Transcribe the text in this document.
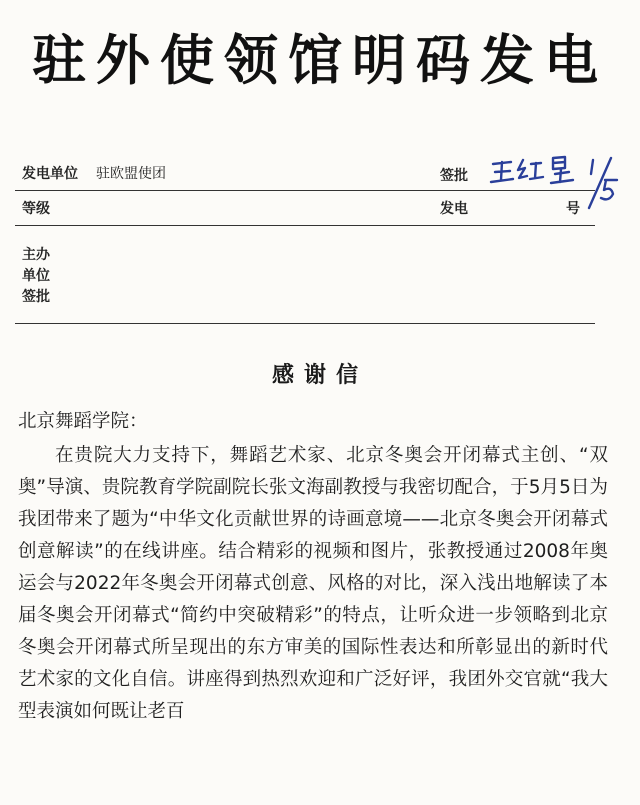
驻外使领馆明码发电
发电单位 驻欧盟使团	签批
等级	发电	号
主办
单位
签批
感谢信

北京舞蹈学院：

在贵院大力支持下，舞蹈艺术家、北京冬奥会开闭幕式主创、“双奥”导演、贵院教育学院副院长张文海副教授与我密切配合，于5月5日为我团带来了题为“中华文化贡献世界的诗画意境——北京冬奥会开闭幕式创意解读”的在线讲座。结合精彩的视频和图片，张教授通过2008年奥运会与2022年冬奥会开闭幕式创意、风格的对比，深入浅出地解读了本届冬奥会开闭幕式“简约中突破精彩”的特点，让听众进一步领略到北京冬奥会开闭幕式所呈现出的东方审美的国际性表达和所彰显出的新时代艺术家的文化自信。讲座得到热烈欢迎和广泛好评，我团外交官就“我大型表演如何既让老百
